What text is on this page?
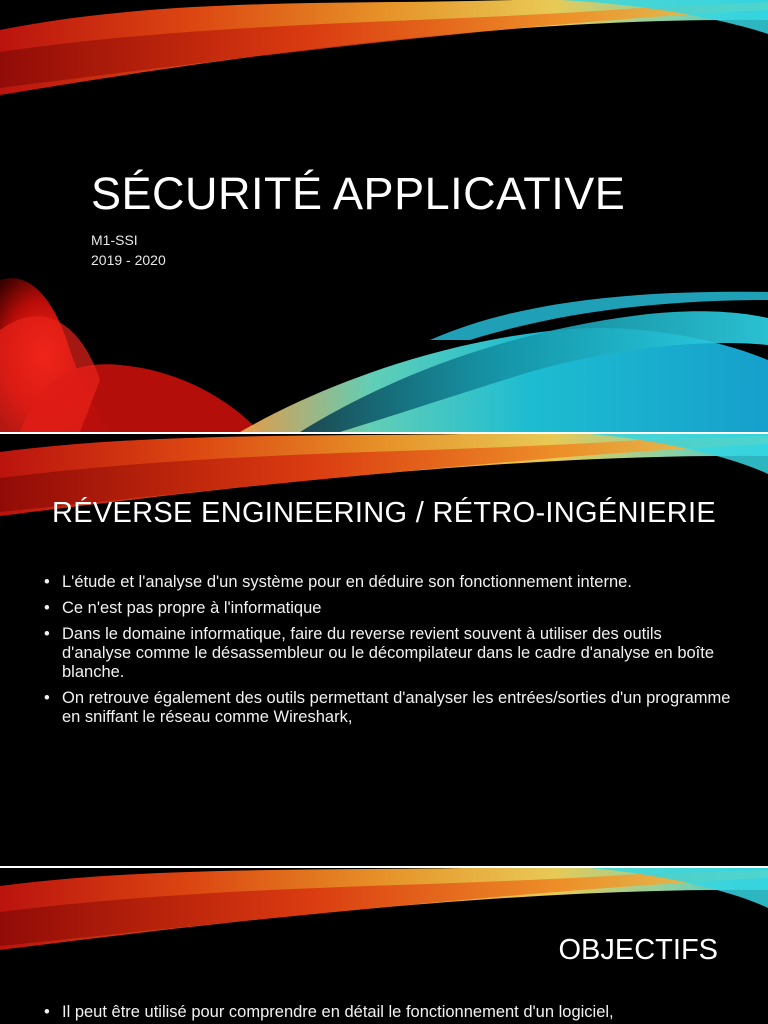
SÉCURITÉ APPLICATIVE
M1-SSI
2019 - 2020
RÉVERSE ENGINEERING / RÉTRO-INGÉNIERIE
• L'étude et l'analyse d'un système pour en déduire son fonctionnement interne.
• Ce n'est pas propre à l'informatique
• Dans le domaine informatique, faire du reverse revient souvent à utiliser des outils d'analyse comme le désassembleur ou le décompilateur dans le cadre d'analyse en boîte blanche.
• On retrouve également des outils permettant d'analyser les entrées/sorties d'un programme en sniffant le réseau comme Wireshark,
OBJECTIFS
• Il peut être utilisé pour comprendre en détail le fonctionnement d'un logiciel,
